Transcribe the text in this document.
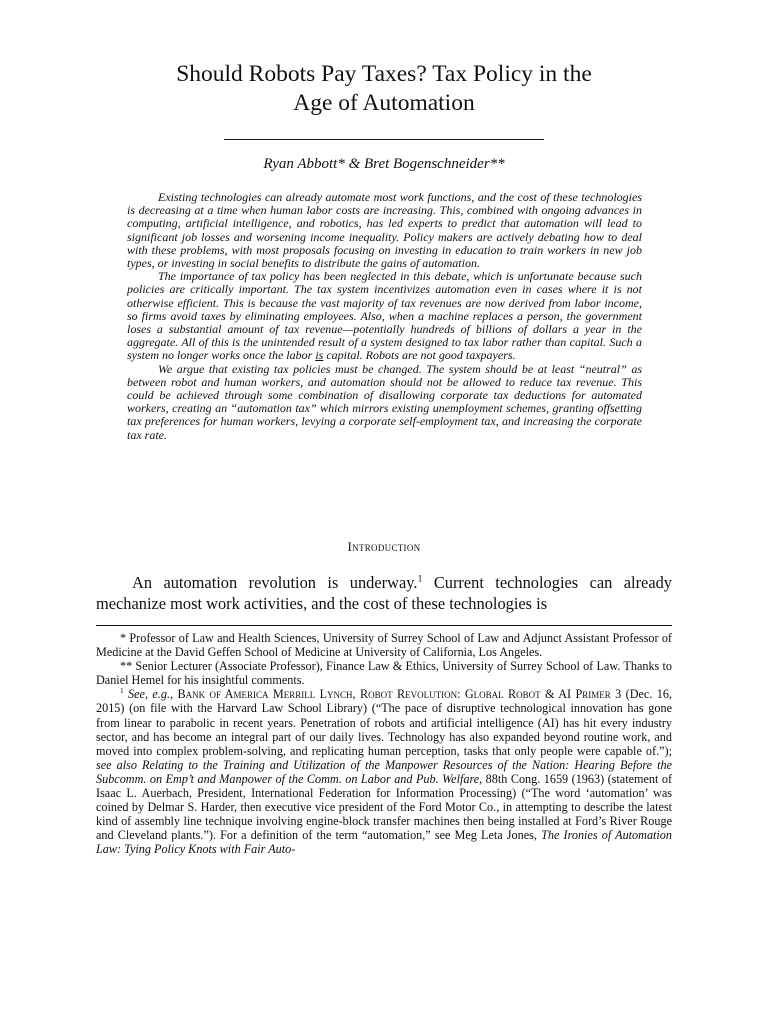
Should Robots Pay Taxes? Tax Policy in the
Age of Automation
Ryan Abbott* & Bret Bogenschneider**

Existing technologies can already automate most work functions, and the cost of these technologies is decreasing at a time when human labor costs are increasing. This, combined with ongoing advances in computing, artificial intelligence, and robotics, has led experts to predict that automation will lead to significant job losses and worsening income inequality. Policy makers are actively debating how to deal with these problems, with most proposals focusing on investing in education to train workers in new job types, or investing in social benefits to distribute the gains of automation.

The importance of tax policy has been neglected in this debate, which is unfortunate because such policies are critically important. The tax system incentivizes automation even in cases where it is not otherwise efficient. This is because the vast majority of tax revenues are now derived from labor income, so firms avoid taxes by eliminating employees. Also, when a machine replaces a person, the government loses a substantial amount of tax revenue—potentially hundreds of billions of dollars a year in the aggregate. All of this is the unintended result of a system designed to tax labor rather than capital. Such a system no longer works once the labor is capital. Robots are not good taxpayers.

We argue that existing tax policies must be changed. The system should be at least “neutral” as between robot and human workers, and automation should not be allowed to reduce tax revenue. This could be achieved through some combination of disallowing corporate tax deductions for automated workers, creating an “automation tax” which mirrors existing unemployment schemes, granting offsetting tax preferences for human workers, levying a corporate self-employment tax, and increasing the corporate tax rate.

Introduction

An automation revolution is underway.$^1$ Current technologies can already mechanize most work activities, and the cost of these technologies is

* Professor of Law and Health Sciences, University of Surrey School of Law and Adjunct Assistant Professor of Medicine at the David Geffen School of Medicine at University of California, Los Angeles.

** Senior Lecturer (Associate Professor), Finance Law & Ethics, University of Surrey School of Law. Thanks to Daniel Hemel for his insightful comments.

$^1$ See, e.g., Bank of America Merrill Lynch, Robot Revolution: Global Robot & AI Primer 3 (Dec. 16, 2015) (on file with the Harvard Law School Library) (“The pace of disruptive technological innovation has gone from linear to parabolic in recent years. Penetration of robots and artificial intelligence (AI) has hit every industry sector, and has become an integral part of our daily lives. Technology has also expanded beyond routine work, and moved into complex problem-solving, and replicating human perception, tasks that only people were capable of.”); see also Relating to the Training and Utilization of the Manpower Resources of the Nation: Hearing Before the Subcomm. on Emp’t and Manpower of the Comm. on Labor and Pub. Welfare, 88th Cong. 1659 (1963) (statement of Isaac L. Auerbach, President, International Federation for Information Processing) (“The word ‘automation’ was coined by Delmar S. Harder, then executive vice president of the Ford Motor Co., in attempting to describe the latest kind of assembly line technique involving engine-block transfer machines then being installed at Ford’s River Rouge and Cleveland plants.”). For a definition of the term “automation,” see Meg Leta Jones, The Ironies of Automation Law: Tying Policy Knots with Fair Auto-
